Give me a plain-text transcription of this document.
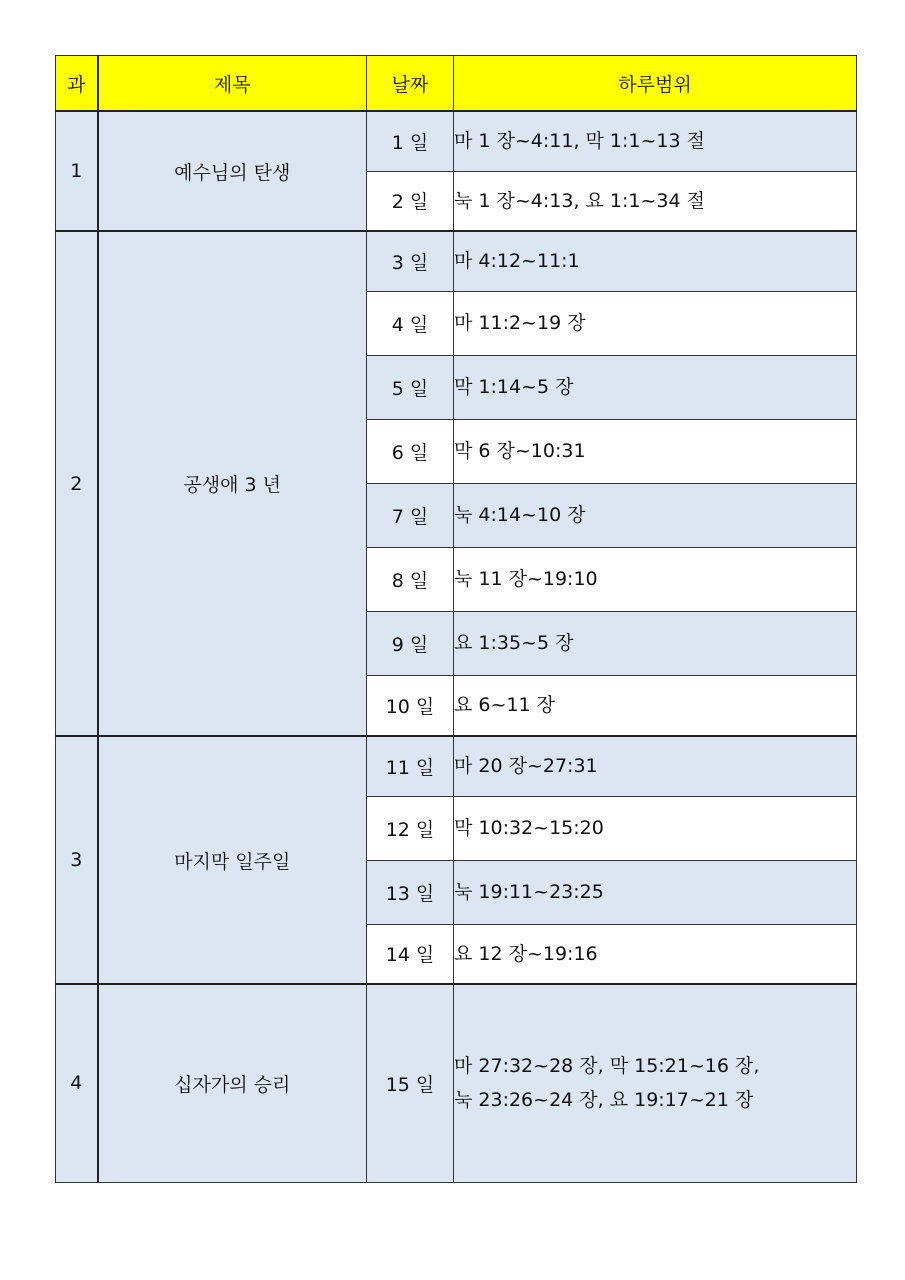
과	제목	날짜	하루범위
1	예수님의 탄생	1 일	마 1 장~4:11, 막 1:1~13 절

		2 일	눅 1 장~4:13, 요 1:1~34 절

2	공생애 3 년	3 일	마 4:12~11:1

		4 일	마 11:2~19 장

		5 일	막 1:14~5 장

		6 일	막 6 장~10:31

		7 일	눅 4:14~10 장

		8 일	눅 11 장~19:10

		9 일	요 1:35~5 장

		10 일	요 6~11 장

3	마지막 일주일	11 일	마 20 장~27:31

		12 일	막 10:32~15:20

		13 일	눅 19:11~23:25

		14 일	요 12 장~19:16

4	십자가의 승리	15 일	마 27:32~28 장, 막 15:21~16 장,
눅 23:26~24 장, 요 19:17~21 장
